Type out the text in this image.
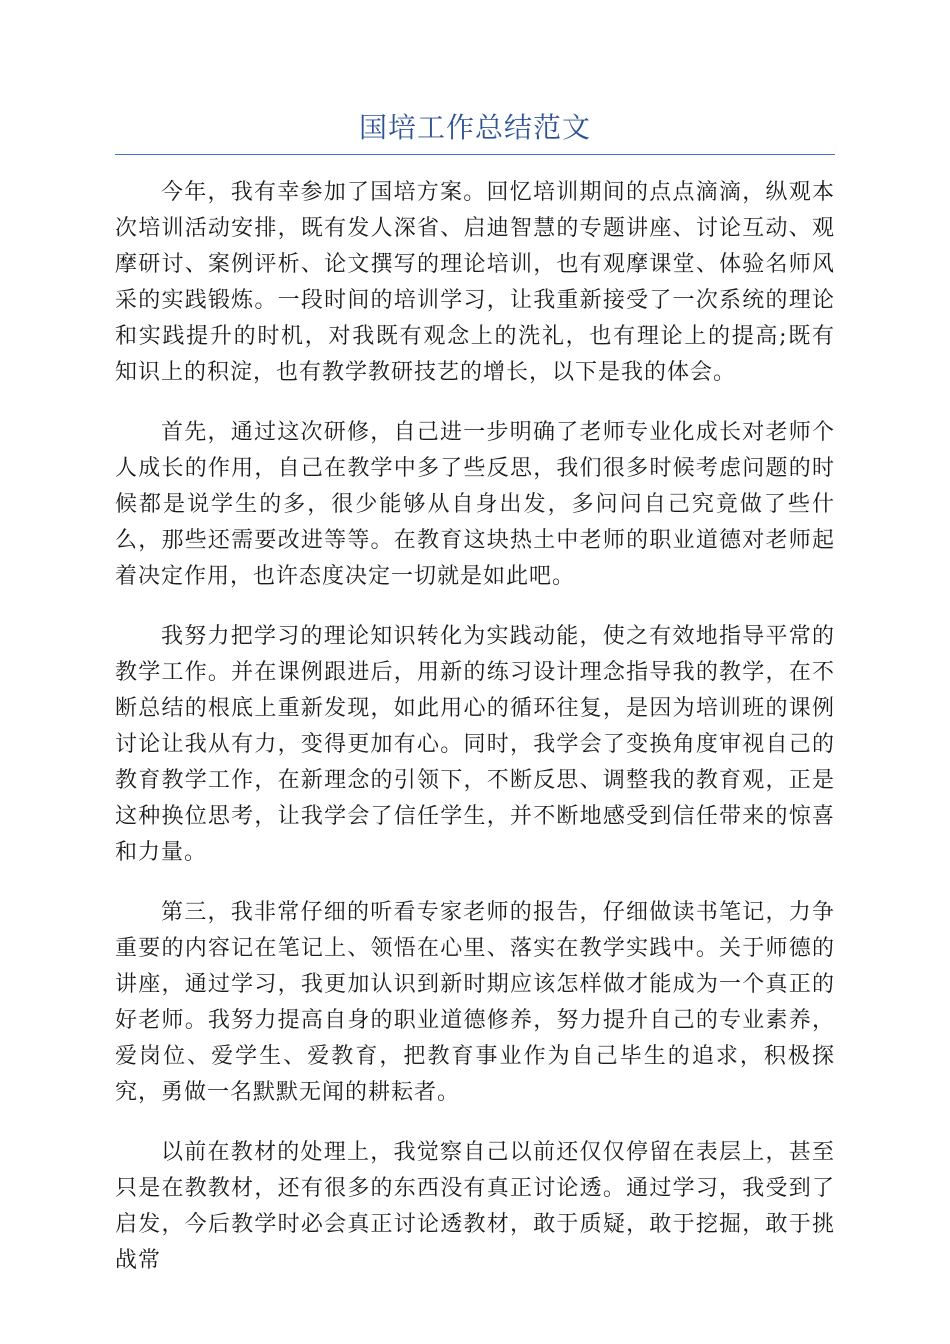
国培工作总结范文

今年，我有幸参加了国培方案。回忆培训期间的点点滴滴，纵观本次培训活动安排，既有发人深省、启迪智慧的专题讲座、讨论互动、观摩研讨、案例评析、论文撰写的理论培训，也有观摩课堂、体验名师风采的实践锻炼。一段时间的培训学习，让我重新接受了一次系统的理论和实践提升的时机，对我既有观念上的洗礼，也有理论上的提高;既有知识上的积淀，也有教学教研技艺的增长，以下是我的体会。

首先，通过这次研修，自己进一步明确了老师专业化成长对老师个人成长的作用，自己在教学中多了些反思，我们很多时候考虑问题的时候都是说学生的多，很少能够从自身出发，多问问自己究竟做了些什么，那些还需要改进等等。在教育这块热土中老师的职业道德对老师起着决定作用，也许态度决定一切就是如此吧。

我努力把学习的理论知识转化为实践动能，使之有效地指导平常的教学工作。并在课例跟进后，用新的练习设计理念指导我的教学，在不断总结的根底上重新发现，如此用心的循环往复，是因为培训班的课例讨论让我从有力，变得更加有心。同时，我学会了变换角度审视自己的教育教学工作，在新理念的引领下，不断反思、调整我的教育观，正是这种换位思考，让我学会了信任学生，并不断地感受到信任带来的惊喜和力量。

第三，我非常仔细的听看专家老师的报告，仔细做读书笔记，力争重要的内容记在笔记上、领悟在心里、落实在教学实践中。关于师德的讲座，通过学习，我更加认识到新时期应该怎样做才能成为一个真正的好老师。我努力提高自身的职业道德修养，努力提升自己的专业素养，爱岗位、爱学生、爱教育，把教育事业作为自己毕生的追求，积极探究，勇做一名默默无闻的耕耘者。

以前在教材的处理上，我觉察自己以前还仅仅停留在表层上，甚至只是在教教材，还有很多的东西没有真正讨论透。通过学习，我受到了启发，今后教学时必会真正讨论透教材，敢于质疑，敢于挖掘，敢于挑战常
